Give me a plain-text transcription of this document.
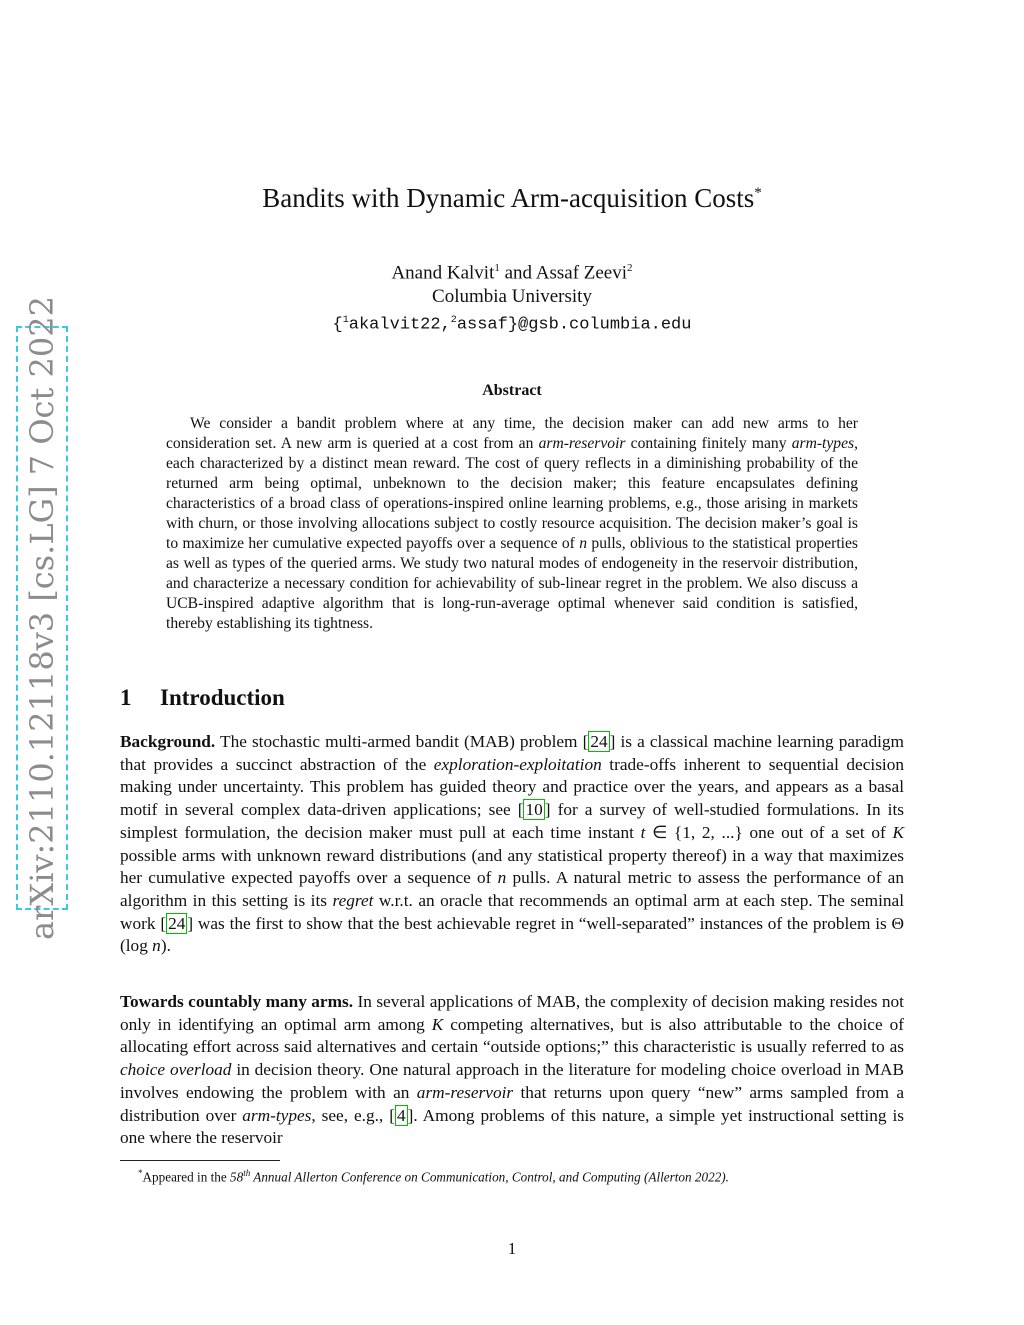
arXiv:2110.12118v3 [cs.LG] 7 Oct 2022
Bandits with Dynamic Arm-acquisition Costs*
Anand Kalvit$^1$ and Assaf Zeevi$^2$
Columbia University
{$^1$akalvit22,$^2$assaf}@gsb.columbia.edu
Abstract

We consider a bandit problem where at any time, the decision maker can add new arms to her consideration set. A new arm is queried at a cost from an arm-reservoir containing finitely many arm-types, each characterized by a distinct mean reward. The cost of query reflects in a diminishing probability of the returned arm being optimal, unbeknown to the decision maker; this feature encapsulates defining characteristics of a broad class of operations-inspired online learning problems, e.g., those arising in markets with churn, or those involving allocations subject to costly resource acquisition. The decision maker’s goal is to maximize her cumulative expected payoffs over a sequence of n pulls, oblivious to the statistical properties as well as types of the queried arms. We study two natural modes of endogeneity in the reservoir distribution, and characterize a necessary condition for achievability of sub-linear regret in the problem. We also discuss a UCB-inspired adaptive algorithm that is long-run-average optimal whenever said condition is satisfied, thereby establishing its tightness.

1 Introduction

Background. The stochastic multi-armed bandit (MAB) problem [ 24 ] is a classical machine learning paradigm that provides a succinct abstraction of the exploration-exploitation trade-offs inherent to sequential decision making under uncertainty. This problem has guided theory and practice over the years, and appears as a basal motif in several complex data-driven applications; see [ 10 ] for a survey of well-studied formulations. In its simplest formulation, the decision maker must pull at each time instant t ∈ {1, 2, ...} one out of a set of K possible arms with unknown reward distributions (and any statistical property thereof) in a way that maximizes her cumulative expected payoffs over a sequence of n pulls. A natural metric to assess the performance of an algorithm in this setting is its regret w.r.t. an oracle that recommends an optimal arm at each step. The seminal work [ 24 ] was the first to show that the best achievable regret in “well-separated” instances of the problem is Θ (log n).

Towards countably many arms. In several applications of MAB, the complexity of decision making resides not only in identifying an optimal arm among K competing alternatives, but is also attributable to the choice of allocating effort across said alternatives and certain “outside options;” this characteristic is usually referred to as choice overload in decision theory. One natural approach in the literature for modeling choice overload in MAB involves endowing the problem with an arm-reservoir that returns upon query “new” arms sampled from a distribution over arm-types, see, e.g., [ 4 ]. Among problems of this nature, a simple yet instructional setting is one where the reservoir

*Appeared in the 58th Annual Allerton Conference on Communication, Control, and Computing (Allerton 2022).
1
